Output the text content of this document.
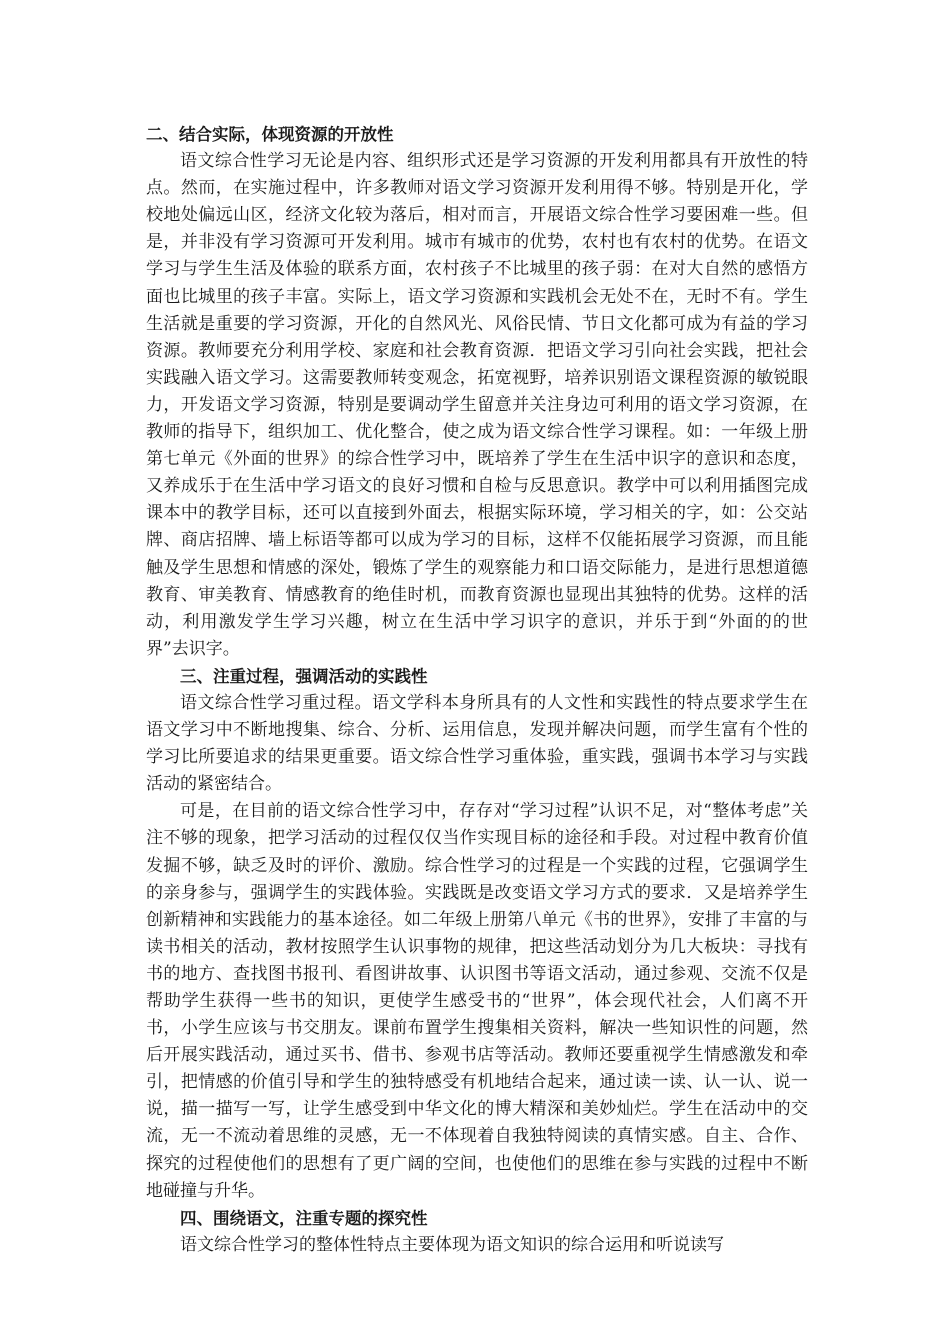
二、结合实际，体现资源的开放性

语文综合性学习无论是内容、组织形式还是学习资源的开发利用都具有开放性的特点。然而，在实施过程中，许多教师对语文学习资源开发利用得不够。特别是开化，学校地处偏远山区，经济文化较为落后，相对而言，开展语文综合性学习要困难一些。但是，并非没有学习资源可开发利用。城市有城市的优势，农村也有农村的优势。在语文学习与学生生活及体验的联系方面，农村孩子不比城里的孩子弱：在对大自然的感悟方面也比城里的孩子丰富。实际上，语文学习资源和实践机会无处不在，无时不有。学生生活就是重要的学习资源，开化的自然风光、风俗民情、节日文化都可成为有益的学习资源。教师要充分利用学校、家庭和社会教育资源．把语文学习引向社会实践，把社会实践融入语文学习。这需要教师转变观念，拓宽视野，培养识别语文课程资源的敏锐眼力，开发语文学习资源，特别是要调动学生留意并关注身边可利用的语文学习资源，在教师的指导下，组织加工、优化整合，使之成为语文综合性学习课程。如：一年级上册第七单元《外面的世界》的综合性学习中，既培养了学生在生活中识字的意识和态度，又养成乐于在生活中学习语文的良好习惯和自检与反思意识。教学中可以利用插图完成课本中的教学目标，还可以直接到外面去，根据实际环境，学习相关的字，如：公交站牌、商店招牌、墙上标语等都可以成为学习的目标，这样不仅能拓展学习资源，而且能触及学生思想和情感的深处，锻炼了学生的观察能力和口语交际能力，是进行思想道德教育、审美教育、情感教育的绝佳时机，而教育资源也显现出其独特的优势。这样的活动，利用激发学生学习兴趣，树立在生活中学习识字的意识，并乐于到“外面的的世界”去识字。

三、注重过程，强调活动的实践性

语文综合性学习重过程。语文学科本身所具有的人文性和实践性的特点要求学生在语文学习中不断地搜集、综合、分析、运用信息，发现并解决问题，而学生富有个性的学习比所要追求的结果更重要。语文综合性学习重体验，重实践，强调书本学习与实践活动的紧密结合。

可是，在目前的语文综合性学习中，存存对“学习过程”认识不足，对“整体考虑”关注不够的现象，把学习活动的过程仅仅当作实现目标的途径和手段。对过程中教育价值发掘不够，缺乏及时的评价、激励。综合性学习的过程是一个实践的过程，它强调学生的亲身参与，强调学生的实践体验。实践既是改变语文学习方式的要求．又是培养学生创新精神和实践能力的基本途径。如二年级上册第八单元《书的世界》，安排了丰富的与读书相关的活动，教材按照学生认识事物的规律，把这些活动划分为几大板块：寻找有书的地方、查找图书报刊、看图讲故事、认识图书等语文活动，通过参观、交流不仅是帮助学生获得一些书的知识，更使学生感受书的“世界”，体会现代社会，人们离不开书，小学生应该与书交朋友。课前布置学生搜集相关资料，解决一些知识性的问题，然后开展实践活动，通过买书、借书、参观书店等活动。教师还要重视学生情感激发和牵引，把情感的价值引导和学生的独特感受有机地结合起来，通过读一读、认一认、说一说，描一描写一写，让学生感受到中华文化的博大精深和美妙灿烂。学生在活动中的交流，无一不流动着思维的灵感，无一不体现着自我独特阅读的真情实感。自主、合作、探究的过程使他们的思想有了更广阔的空间，也使他们的思维在参与实践的过程中不断地碰撞与升华。

四、围绕语文，注重专题的探究性

语文综合性学习的整体性特点主要体现为语文知识的综合运用和听说读写
